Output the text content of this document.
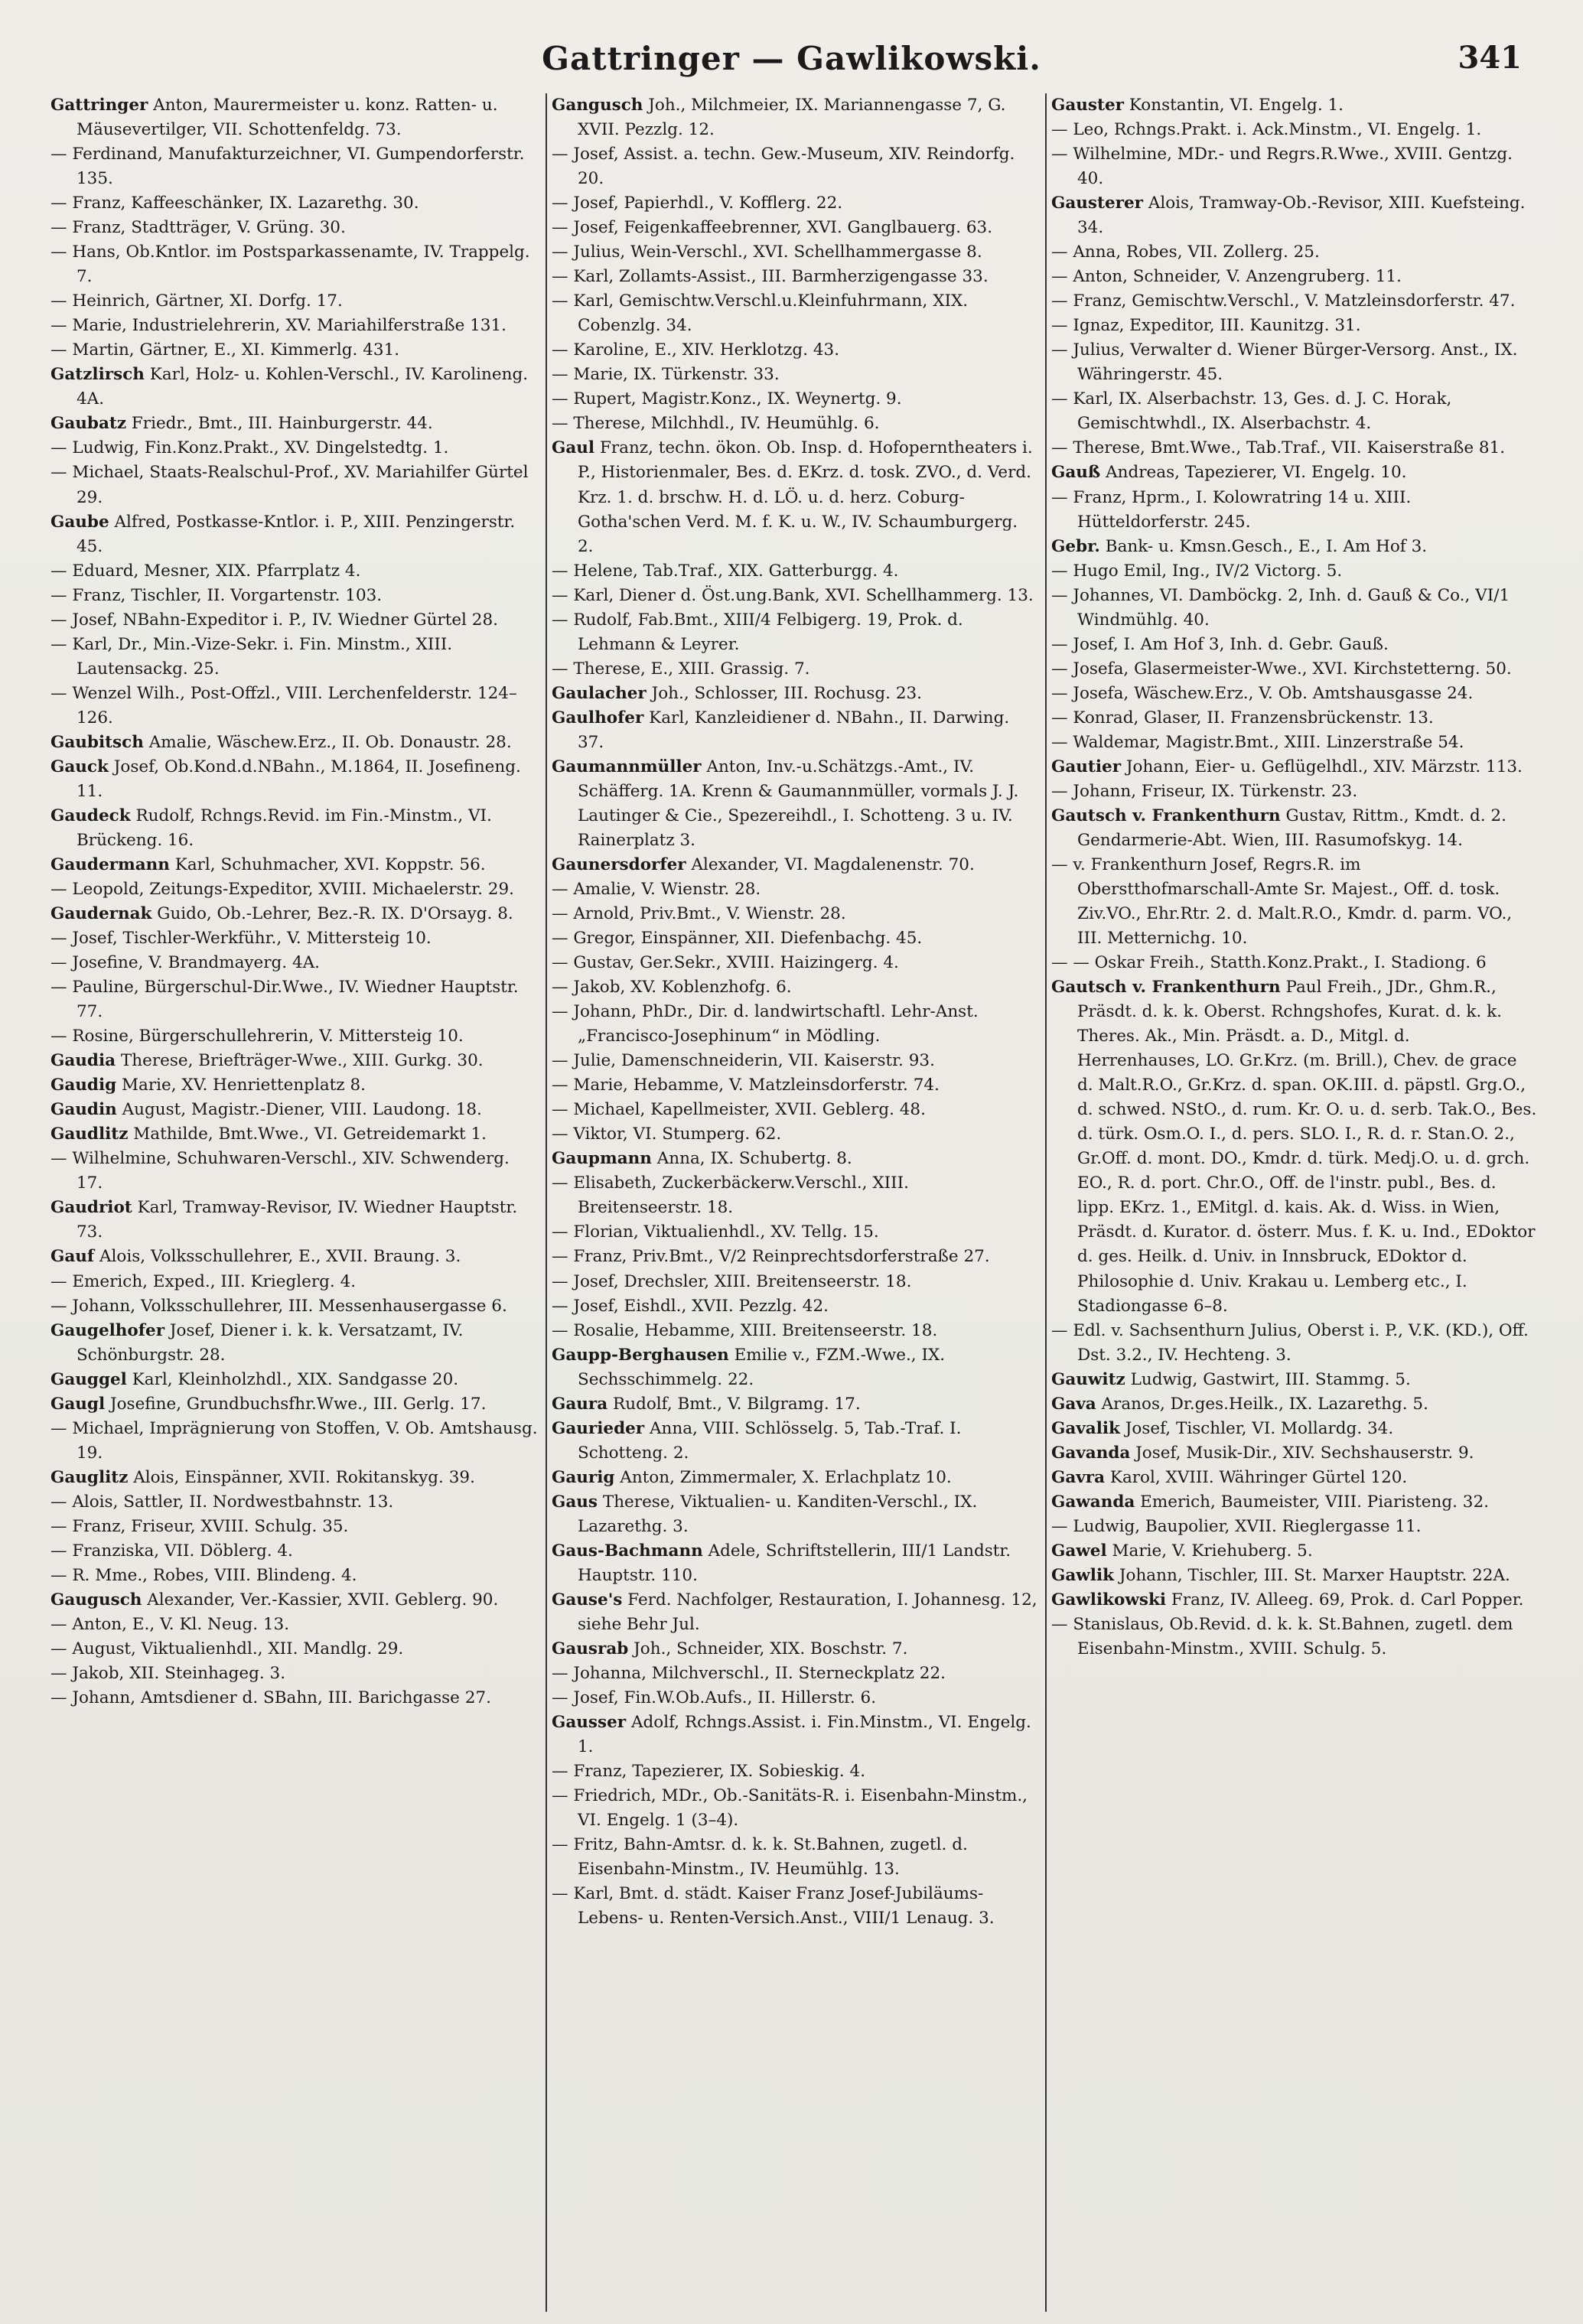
Gattringer — Gawlikowski.	341

Gattringer Anton, Maurermeister u. konz. Ratten- u. Mäusevertilger, VII. Schottenfeldg. 73.

— Ferdinand, Manufakturzeichner, VI. Gumpendorferstr. 135.

— Franz, Kaffeeschänker, IX. Lazarethg. 30.

— Franz, Stadtträger, V. Grüng. 30.

— Hans, Ob.Kntlor. im Postsparkassenamte, IV. Trappelg. 7.

— Heinrich, Gärtner, XI. Dorfg. 17.

— Marie, Industrielehrerin, XV. Mariahilferstraße 131.

— Martin, Gärtner, E., XI. Kimmerlg. 431.

Gatzlirsch Karl, Holz- u. Kohlen-Verschl., IV. Karolineng. 4A.

Gaubatz Friedr., Bmt., III. Hainburgerstr. 44.

— Ludwig, Fin.Konz.Prakt., XV. Dingelstedtg. 1.

— Michael, Staats-Realschul-Prof., XV. Mariahilfer Gürtel 29.

Gaube Alfred, Postkasse-Kntlor. i. P., XIII. Penzingerstr. 45.

— Eduard, Mesner, XIX. Pfarrplatz 4.

— Franz, Tischler, II. Vorgartenstr. 103.

— Josef, NBahn-Expeditor i. P., IV. Wiedner Gürtel 28.

— Karl, Dr., Min.-Vize-Sekr. i. Fin. Minstm., XIII. Lautensackg. 25.

— Wenzel Wilh., Post-Offzl., VIII. Lerchenfelderstr. 124–126.

Gaubitsch Amalie, Wäschew.Erz., II. Ob. Donaustr. 28.

Gauck Josef, Ob.Kond.d.NBahn., M.1864, II. Josefineng. 11.

Gaudeck Rudolf, Rchngs.Revid. im Fin.-Minstm., VI. Brückeng. 16.

Gaudermann Karl, Schuhmacher, XVI. Koppstr. 56.

— Leopold, Zeitungs-Expeditor, XVIII. Michaelerstr. 29.

Gaudernak Guido, Ob.-Lehrer, Bez.-R. IX. D'Orsayg. 8.

— Josef, Tischler-Werkführ., V. Mittersteig 10.

— Josefine, V. Brandmayerg. 4A.

— Pauline, Bürgerschul-Dir.Wwe., IV. Wiedner Hauptstr. 77.

— Rosine, Bürgerschullehrerin, V. Mittersteig 10.

Gaudia Therese, Briefträger-Wwe., XIII. Gurkg. 30.

Gaudig Marie, XV. Henriettenplatz 8.

Gaudin August, Magistr.-Diener, VIII. Laudong. 18.

Gaudlitz Mathilde, Bmt.Wwe., VI. Getreidemarkt 1.

— Wilhelmine, Schuhwaren-Verschl., XIV. Schwenderg. 17.

Gaudriot Karl, Tramway-Revisor, IV. Wiedner Hauptstr. 73.

Gauf Alois, Volksschullehrer, E., XVII. Braung. 3.

— Emerich, Exped., III. Krieglerg. 4.

— Johann, Volksschullehrer, III. Messenhausergasse 6.

Gaugelhofer Josef, Diener i. k. k. Versatzamt, IV. Schönburgstr. 28.

Gauggel Karl, Kleinholzhdl., XIX. Sandgasse 20.

Gaugl Josefine, Grundbuchsfhr.Wwe., III. Gerlg. 17.

— Michael, Imprägnierung von Stoffen, V. Ob. Amtshausg. 19.

Gauglitz Alois, Einspänner, XVII. Rokitanskyg. 39.

— Alois, Sattler, II. Nordwestbahnstr. 13.

— Franz, Friseur, XVIII. Schulg. 35.

— Franziska, VII. Döblerg. 4.

— R. Mme., Robes, VIII. Blindeng. 4.

Gaugusch Alexander, Ver.-Kassier, XVII. Geblerg. 90.

— Anton, E., V. Kl. Neug. 13.

— August, Viktualienhdl., XII. Mandlg. 29.

— Jakob, XII. Steinhageg. 3.

— Johann, Amtsdiener d. SBahn, III. Barichgasse 27.

Gangusch Joh., Milchmeier, IX. Mariannengasse 7, G. XVII. Pezzlg. 12.

— Josef, Assist. a. techn. Gew.-Museum, XIV. Reindorfg. 20.

— Josef, Papierhdl., V. Kofflerg. 22.

— Josef, Feigenkaffeebrenner, XVI. Ganglbauerg. 63.

— Julius, Wein-Verschl., XVI. Schellhammergasse 8.

— Karl, Zollamts-Assist., III. Barmherzigengasse 33.

— Karl, Gemischtw.Verschl.u.Kleinfuhrmann, XIX. Cobenzlg. 34.

— Karoline, E., XIV. Herklotzg. 43.

— Marie, IX. Türkenstr. 33.

— Rupert, Magistr.Konz., IX. Weynertg. 9.

— Therese, Milchhdl., IV. Heumühlg. 6.

Gaul Franz, techn. ökon. Ob. Insp. d. Hofoperntheaters i. P., Historienmaler, Bes. d. EKrz. d. tosk. ZVO., d. Verd. Krz. 1. d. brschw. H. d. LÖ. u. d. herz. Coburg-Gotha'schen Verd. M. f. K. u. W., IV. Schaumburgerg. 2.

— Helene, Tab.Traf., XIX. Gatterburgg. 4.

— Karl, Diener d. Öst.ung.Bank, XVI. Schellhammerg. 13.

— Rudolf, Fab.Bmt., XIII/4 Felbigerg. 19, Prok. d. Lehmann & Leyrer.

— Therese, E., XIII. Grassig. 7.

Gaulacher Joh., Schlosser, III. Rochusg. 23.

Gaulhofer Karl, Kanzleidiener d. NBahn., II. Darwing. 37.

Gaumannmüller Anton, Inv.-u.Schätzgs.-Amt., IV. Schäfferg. 1A. Krenn & Gaumannmüller, vormals J. J. Lautinger & Cie., Spezereihdl., I. Schotteng. 3 u. IV. Rainerplatz 3.

Gaunersdorfer Alexander, VI. Magdalenenstr. 70.

— Amalie, V. Wienstr. 28.

— Arnold, Priv.Bmt., V. Wienstr. 28.

— Gregor, Einspänner, XII. Diefenbachg. 45.

— Gustav, Ger.Sekr., XVIII. Haizingerg. 4.

— Jakob, XV. Koblenzhofg. 6.

— Johann, PhDr., Dir. d. landwirtschaftl. Lehr-Anst. „Francisco-Josephinum“ in Mödling.

— Julie, Damenschneiderin, VII. Kaiserstr. 93.

— Marie, Hebamme, V. Matzleinsdorferstr. 74.

— Michael, Kapellmeister, XVII. Geblerg. 48.

— Viktor, VI. Stumperg. 62.

Gaupmann Anna, IX. Schubertg. 8.

— Elisabeth, Zuckerbäckerw.Verschl., XIII. Breitenseerstr. 18.

— Florian, Viktualienhdl., XV. Tellg. 15.

— Franz, Priv.Bmt., V/2 Reinprechtsdorferstraße 27.

— Josef, Drechsler, XIII. Breitenseerstr. 18.

— Josef, Eishdl., XVII. Pezzlg. 42.

— Rosalie, Hebamme, XIII. Breitenseerstr. 18.

Gaupp-Berghausen Emilie v., FZM.-Wwe., IX. Sechsschimmelg. 22.

Gaura Rudolf, Bmt., V. Bilgramg. 17.

Gaurieder Anna, VIII. Schlösselg. 5, Tab.-Traf. I. Schotteng. 2.

Gaurig Anton, Zimmermaler, X. Erlachplatz 10.

Gaus Therese, Viktualien- u. Kanditen-Verschl., IX. Lazarethg. 3.

Gaus-Bachmann Adele, Schriftstellerin, III/1 Landstr. Hauptstr. 110.

Gause's Ferd. Nachfolger, Restauration, I. Johannesg. 12, siehe Behr Jul.

Gausrab Joh., Schneider, XIX. Boschstr. 7.

— Johanna, Milchverschl., II. Sterneckplatz 22.

— Josef, Fin.W.Ob.Aufs., II. Hillerstr. 6.

Gausser Adolf, Rchngs.Assist. i. Fin.Minstm., VI. Engelg. 1.

— Franz, Tapezierer, IX. Sobieskig. 4.

— Friedrich, MDr., Ob.-Sanitäts-R. i. Eisenbahn-Minstm., VI. Engelg. 1 (3–4).

— Fritz, Bahn-Amtsr. d. k. k. St.Bahnen, zugetl. d. Eisenbahn-Minstm., IV. Heumühlg. 13.

— Karl, Bmt. d. städt. Kaiser Franz Josef-Jubiläums-Lebens- u. Renten-Versich.Anst., VIII/1 Lenaug. 3.

Gauster Konstantin, VI. Engelg. 1.

— Leo, Rchngs.Prakt. i. Ack.Minstm., VI. Engelg. 1.

— Wilhelmine, MDr.- und Regrs.R.Wwe., XVIII. Gentzg. 40.

Gausterer Alois, Tramway-Ob.-Revisor, XIII. Kuefsteing. 34.

— Anna, Robes, VII. Zollerg. 25.

— Anton, Schneider, V. Anzengruberg. 11.

— Franz, Gemischtw.Verschl., V. Matzleinsdorferstr. 47.

— Ignaz, Expeditor, III. Kaunitzg. 31.

— Julius, Verwalter d. Wiener Bürger-Versorg. Anst., IX. Währingerstr. 45.

— Karl, IX. Alserbachstr. 13, Ges. d. J. C. Horak, Gemischtwhdl., IX. Alserbachstr. 4.

— Therese, Bmt.Wwe., Tab.Traf., VII. Kaiserstraße 81.

Gauß Andreas, Tapezierer, VI. Engelg. 10.

— Franz, Hprm., I. Kolowratring 14 u. XIII. Hütteldorferstr. 245.

Gebr. Bank- u. Kmsn.Gesch., E., I. Am Hof 3.

— Hugo Emil, Ing., IV/2 Victorg. 5.

— Johannes, VI. Damböckg. 2, Inh. d. Gauß & Co., VI/1 Windmühlg. 40.

— Josef, I. Am Hof 3, Inh. d. Gebr. Gauß.

— Josefa, Glasermeister-Wwe., XVI. Kirchstetterng. 50.

— Josefa, Wäschew.Erz., V. Ob. Amtshausgasse 24.

— Konrad, Glaser, II. Franzensbrückenstr. 13.

— Waldemar, Magistr.Bmt., XIII. Linzerstraße 54.

Gautier Johann, Eier- u. Geflügelhdl., XIV. Märzstr. 113.

— Johann, Friseur, IX. Türkenstr. 23.

Gautsch v. Frankenthurn Gustav, Rittm., Kmdt. d. 2. Gendarmerie-Abt. Wien, III. Rasumofskyg. 14.

— v. Frankenthurn Josef, Regrs.R. im Oberstthofmarschall-Amte Sr. Majest., Off. d. tosk. Ziv.VO., Ehr.Rtr. 2. d. Malt.R.O., Kmdr. d. parm. VO., III. Metternichg. 10.

— — Oskar Freih., Statth.Konz.Prakt., I. Stadiong. 6

Gautsch v. Frankenthurn Paul Freih., JDr., Ghm.R., Präsdt. d. k. k. Oberst. Rchngshofes, Kurat. d. k. k. Theres. Ak., Min. Präsdt. a. D., Mitgl. d. Herrenhauses, LO. Gr.Krz. (m. Brill.), Chev. de grace d. Malt.R.O., Gr.Krz. d. span. OK.III. d. päpstl. Grg.O., d. schwed. NStO., d. rum. Kr. O. u. d. serb. Tak.O., Bes. d. türk. Osm.O. I., d. pers. SLO. I., R. d. r. Stan.O. 2., Gr.Off. d. mont. DO., Kmdr. d. türk. Medj.O. u. d. grch. EO., R. d. port. Chr.O., Off. de l'instr. publ., Bes. d. lipp. EKrz. 1., EMitgl. d. kais. Ak. d. Wiss. in Wien, Präsdt. d. Kurator. d. österr. Mus. f. K. u. Ind., EDoktor d. ges. Heilk. d. Univ. in Innsbruck, EDoktor d. Philosophie d. Univ. Krakau u. Lemberg etc., I. Stadiongasse 6–8.

— Edl. v. Sachsenthurn Julius, Oberst i. P., V.K. (KD.), Off. Dst. 3.2., IV. Hechteng. 3.

Gauwitz Ludwig, Gastwirt, III. Stammg. 5.

Gava Aranos, Dr.ges.Heilk., IX. Lazarethg. 5.

Gavalik Josef, Tischler, VI. Mollardg. 34.

Gavanda Josef, Musik-Dir., XIV. Sechshauserstr. 9.

Gavra Karol, XVIII. Währinger Gürtel 120.

Gawanda Emerich, Baumeister, VIII. Piaristeng. 32.

— Ludwig, Baupolier, XVII. Rieglergasse 11.

Gawel Marie, V. Kriehuberg. 5.

Gawlik Johann, Tischler, III. St. Marxer Hauptstr. 22A.

Gawlikowski Franz, IV. Alleeg. 69, Prok. d. Carl Popper.

— Stanislaus, Ob.Revid. d. k. k. St.Bahnen, zugetl. dem Eisenbahn-Minstm., XVIII. Schulg. 5.
